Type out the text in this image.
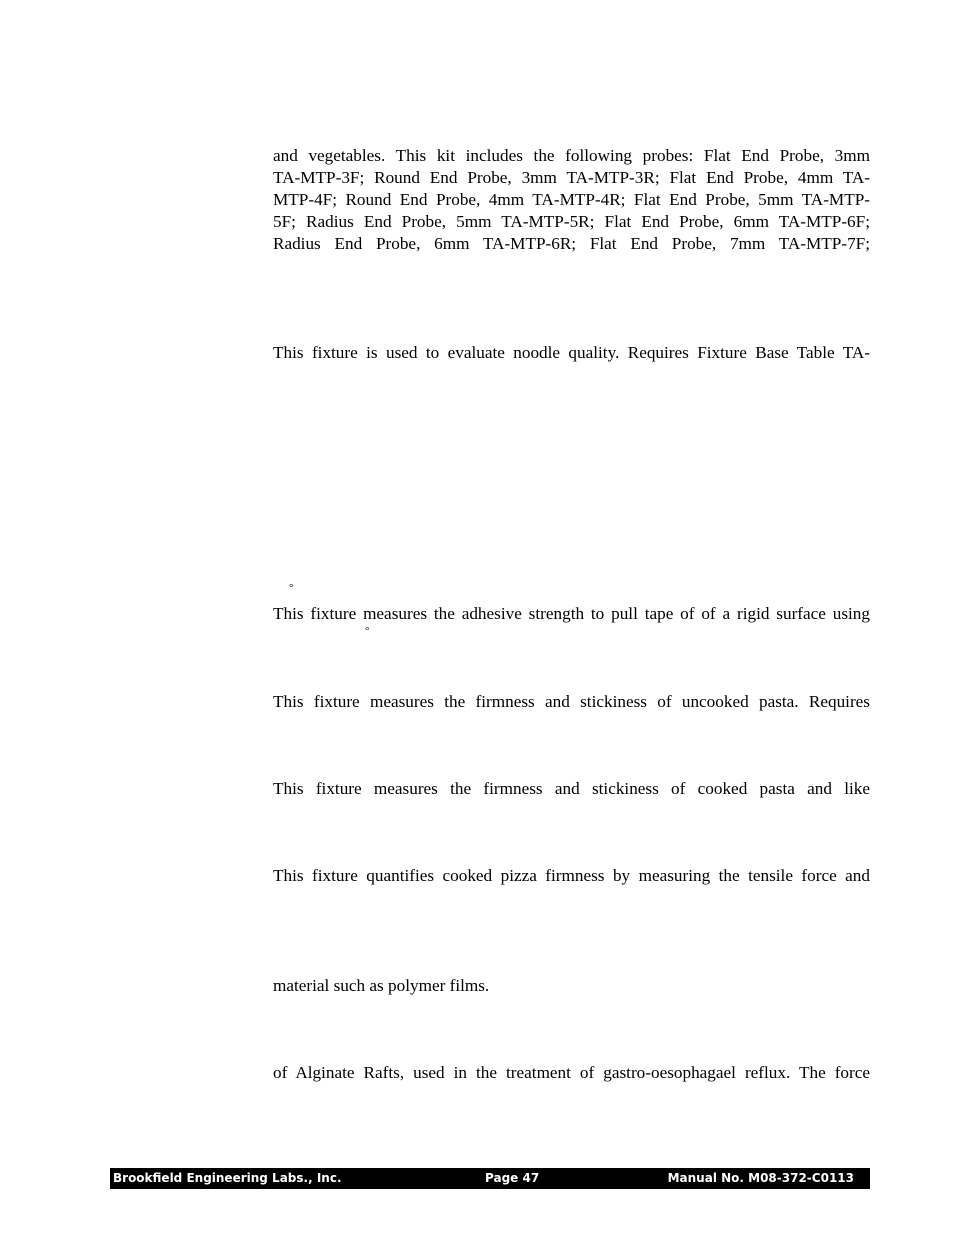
and vegetables. This kit includes the following probes: Flat End Probe, 3mm
TA-MTP-3F; Round End Probe, 3mm TA-MTP-3R; Flat End Probe, 4mm TA-
MTP-4F; Round End Probe, 4mm TA-MTP-4R; Flat End Probe, 5mm TA-MTP-
5F; Radius End Probe, 5mm TA-MTP-5R; Flat End Probe, 6mm TA-MTP-6F;
Radius End Probe, 6mm TA-MTP-6R; Flat End Probe, 7mm TA-MTP-7F;
This fixture is used to evaluate noodle quality. Requires Fixture Base Table TA-
°
This fixture measures the adhesive strength to pull tape of of a rigid surface using
°
This fixture measures the firmness and stickiness of uncooked pasta. Requires
This fixture measures the firmness and stickiness of cooked pasta and like
This fixture quantifies cooked pizza firmness by measuring the tensile force and
material such as polymer films.
of Alginate Rafts, used in the treatment of gastro-oesophagael reflux. The force
Brookfield Engineering Labs., Inc.	Page 47	Manual No. M08-372-C0113
